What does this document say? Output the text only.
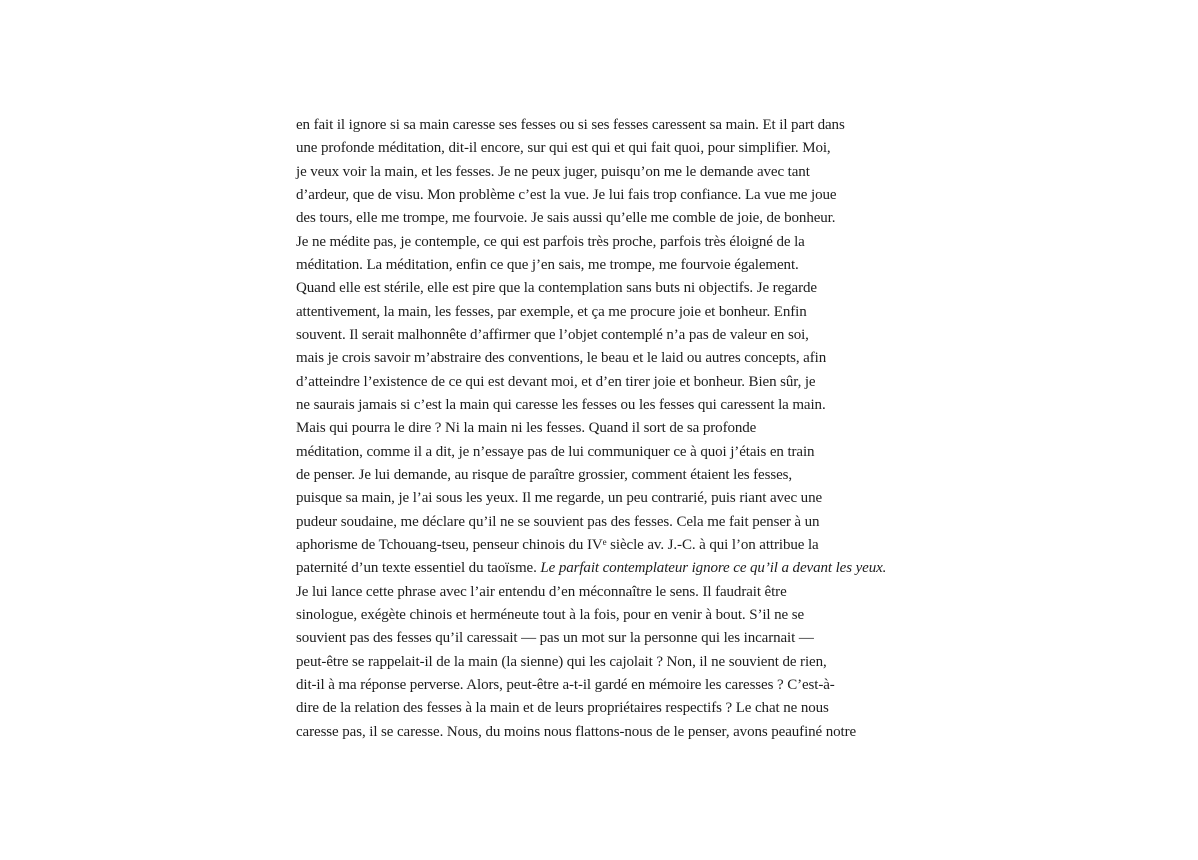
en fait il ignore si sa main caresse ses fesses ou si ses fesses caressent sa main. Et il part dans
une profonde méditation, dit-il encore, sur qui est qui et qui fait quoi, pour simplifier. Moi,
je veux voir la main, et les fesses. Je ne peux juger, puisqu’on me le demande avec tant
d’ardeur, que de visu. Mon problème c’est la vue. Je lui fais trop confiance. La vue me joue
des tours, elle me trompe, me fourvoie. Je sais aussi qu’elle me comble de joie, de bonheur.
Je ne médite pas, je contemple, ce qui est parfois très proche, parfois très éloigné de la
méditation. La méditation, enfin ce que j’en sais, me trompe, me fourvoie également.
Quand elle est stérile, elle est pire que la contemplation sans buts ni objectifs. Je regarde
attentivement, la main, les fesses, par exemple, et ça me procure joie et bonheur. Enfin
souvent. Il serait malhonnête d’affirmer que l’objet contemplé n’a pas de valeur en soi,
mais je crois savoir m’abstraire des conventions, le beau et le laid ou autres concepts, afin
d’atteindre l’existence de ce qui est devant moi, et d’en tirer joie et bonheur. Bien sûr, je
ne saurais jamais si c’est la main qui caresse les fesses ou les fesses qui caressent la main.
Mais qui pourra le dire ? Ni la main ni les fesses. Quand il sort de sa profonde
méditation, comme il a dit, je n’essaye pas de lui communiquer ce à quoi j’étais en train
de penser. Je lui demande, au risque de paraître grossier, comment étaient les fesses,
puisque sa main, je l’ai sous les yeux. Il me regarde, un peu contrarié, puis riant avec une
pudeur soudaine, me déclare qu’il ne se souvient pas des fesses. Cela me fait penser à un
aphorisme de Tchouang-tseu, penseur chinois du IVe siècle av. J.-C. à qui l’on attribue la
paternité d’un texte essentiel du taoïsme. Le parfait contemplateur ignore ce qu’il a devant les yeux.
Je lui lance cette phrase avec l’air entendu d’en méconnaître le sens. Il faudrait être
sinologue, exégète chinois et herméneute tout à la fois, pour en venir à bout. S’il ne se
souvient pas des fesses qu’il caressait — pas un mot sur la personne qui les incarnait —
peut-être se rappelait-il de la main (la sienne) qui les cajolait ? Non, il ne souvient de rien,
dit-il à ma réponse perverse. Alors, peut-être a-t-il gardé en mémoire les caresses ? C’est-à-
dire de la relation des fesses à la main et de leurs propriétaires respectifs ? Le chat ne nous
caresse pas, il se caresse. Nous, du moins nous flattons-nous de le penser, avons peaufiné notre
